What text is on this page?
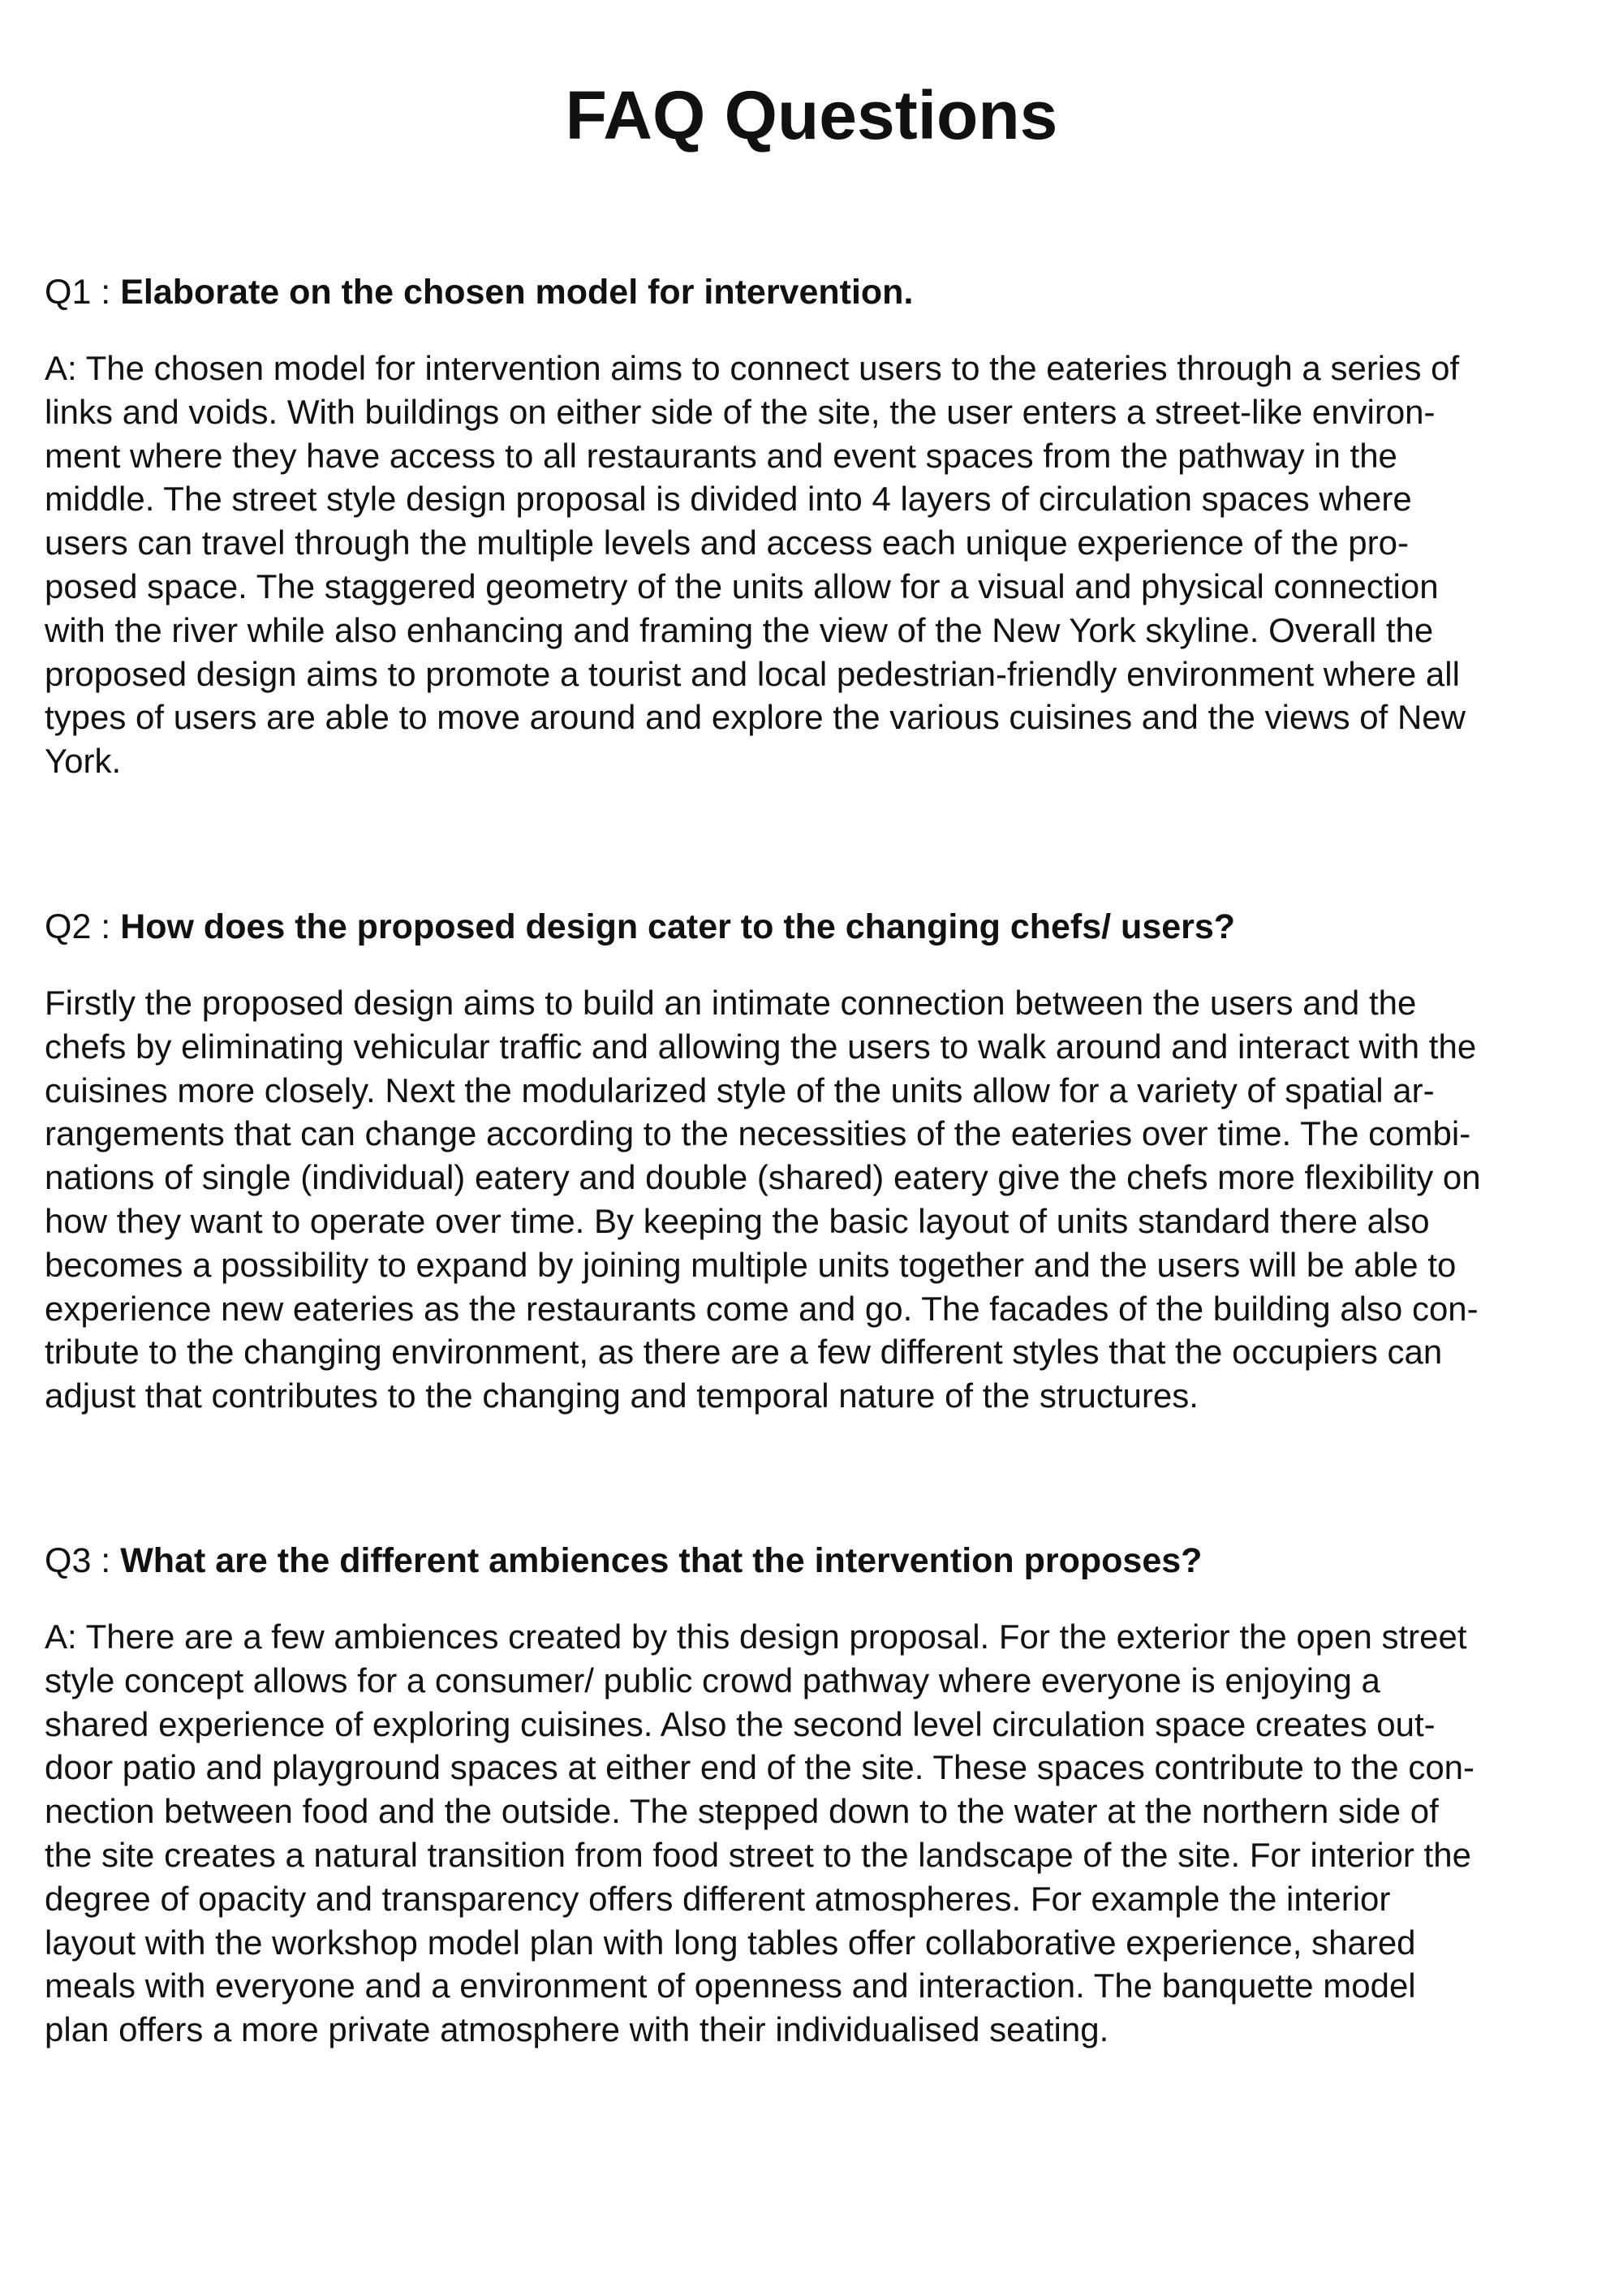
FAQ Questions

Q1 : Elaborate on the chosen model for intervention.

A: The chosen model for intervention aims to connect users to the eateries through a series of
links and voids. With buildings on either side of the site, the user enters a street-like environ-
ment where they have access to all restaurants and event spaces from the pathway in the
middle. The street style design proposal is divided into 4 layers of circulation spaces where
users can travel through the multiple levels and access each unique experience of the pro-
posed space. The staggered geometry of the units allow for a visual and physical connection
with the river while also enhancing and framing the view of the New York skyline. Overall the
proposed design aims to promote a tourist and local pedestrian-friendly environment where all
types of users are able to move around and explore the various cuisines and the views of New
York.

Q2 : How does the proposed design cater to the changing chefs/ users?

Firstly the proposed design aims to build an intimate connection between the users and the
chefs by eliminating vehicular traffic and allowing the users to walk around and interact with the
cuisines more closely. Next the modularized style of the units allow for a variety of spatial ar-
rangements that can change according to the necessities of the eateries over time. The combi-
nations of single (individual) eatery and double (shared) eatery give the chefs more flexibility on
how they want to operate over time. By keeping the basic layout of units standard there also
becomes a possibility to expand by joining multiple units together and the users will be able to
experience new eateries as the restaurants come and go. The facades of the building also con-
tribute to the changing environment, as there are a few different styles that the occupiers can
adjust that contributes to the changing and temporal nature of the structures.

Q3 : What are the different ambiences that the intervention proposes?

A: There are a few ambiences created by this design proposal. For the exterior the open street
style concept allows for a consumer/ public crowd pathway where everyone is enjoying a
shared experience of exploring cuisines. Also the second level circulation space creates out-
door patio and playground spaces at either end of the site. These spaces contribute to the con-
nection between food and the outside. The stepped down to the water at the northern side of
the site creates a natural transition from food street to the landscape of the site. For interior the
degree of opacity and transparency offers different atmospheres. For example the interior
layout with the workshop model plan with long tables offer collaborative experience, shared
meals with everyone and a environment of openness and interaction. The banquette model
plan offers a more private atmosphere with their individualised seating.
